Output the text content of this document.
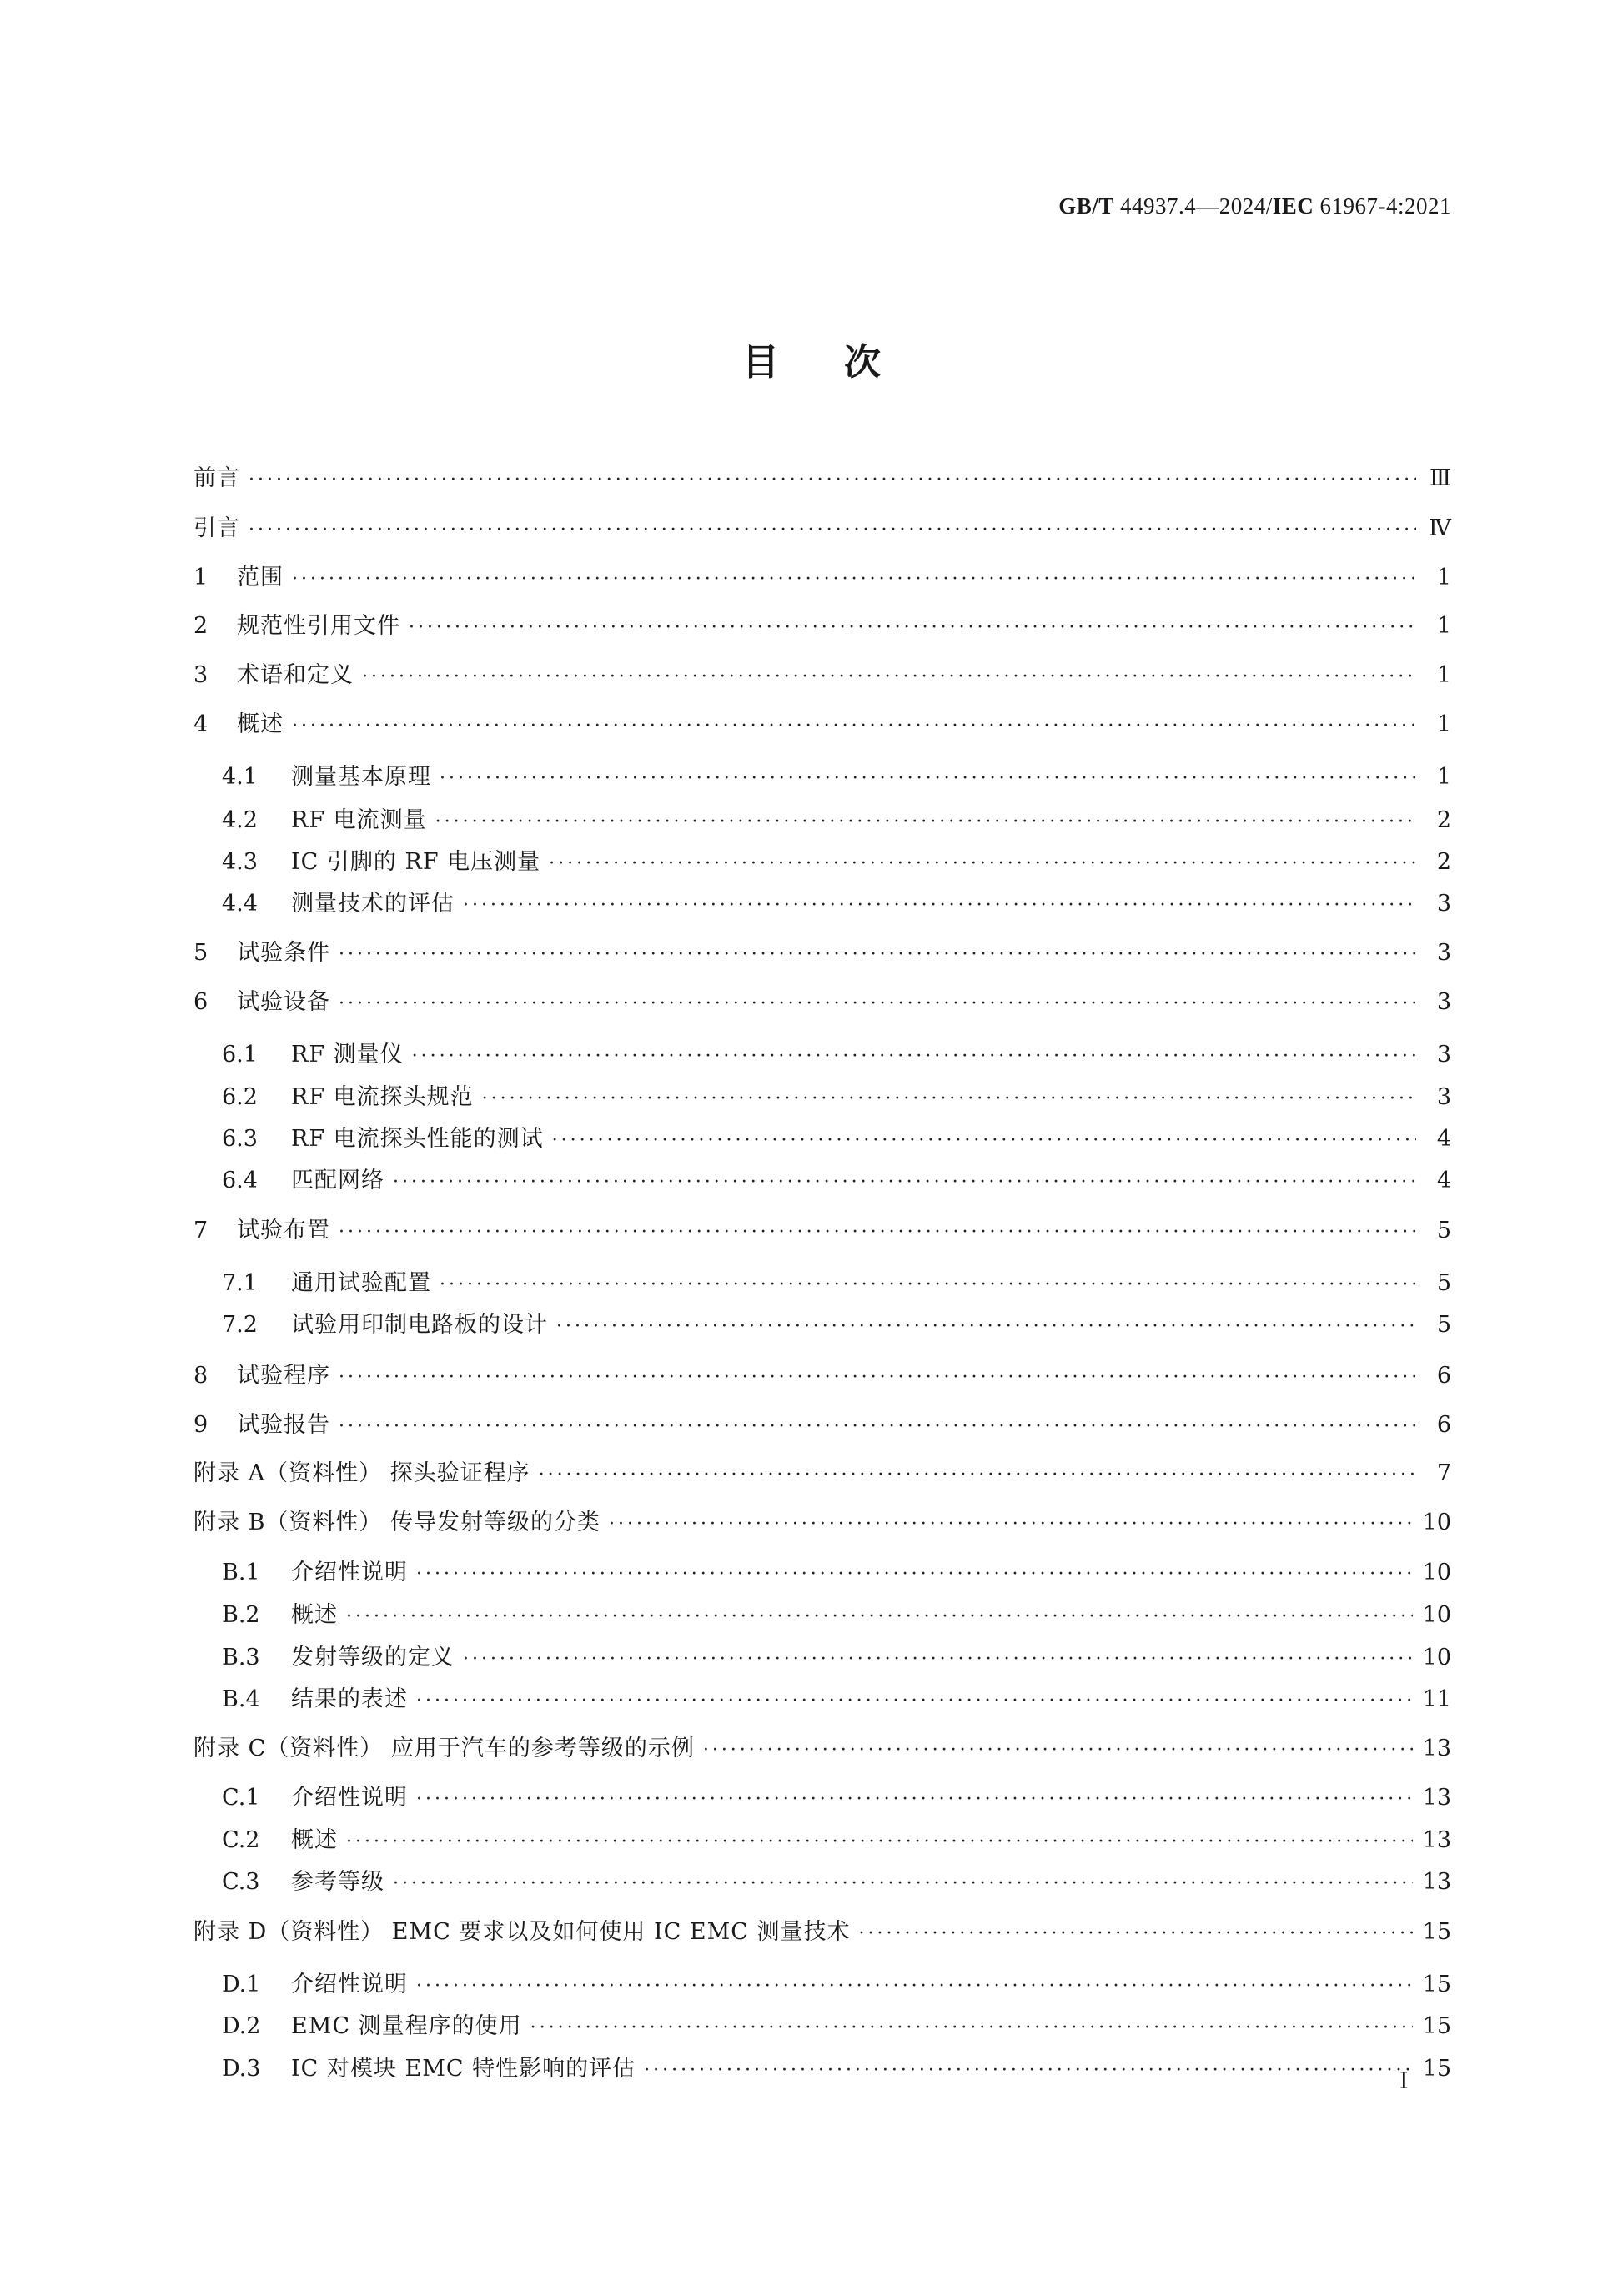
GB/T 44937.4—2024/IEC 61967-4:2021
目次
前言 ·····	Ⅲ
引言 ·····	Ⅳ
1	范围 ·····	1
2	规范性引用文件 ·····	1
3	术语和定义 ·····	1
4	概述 ·····	1
4.1	测量基本原理 ·····	1
4.2	RF 电流测量 ·····	2
4.3	IC 引脚的 RF 电压测量 ·····	2
4.4	测量技术的评估 ·····	3
5	试验条件 ·····	3
6	试验设备 ·····	3
6.1	RF 测量仪 ·····	3
6.2	RF 电流探头规范 ·····	3
6.3	RF 电流探头性能的测试 ·····	4
6.4	匹配网络 ·····	4
7	试验布置 ·····	5
7.1	通用试验配置 ·····	5
7.2	试验用印制电路板的设计 ·····	5
8	试验程序 ·····	6
9	试验报告 ·····	6
附录 A（资料性） 探头验证程序 ·····	7
附录 B（资料性） 传导发射等级的分类 ·····	10
B.1	介绍性说明 ·····	10
B.2	概述 ·····	10
B.3	发射等级的定义 ·····	10
B.4	结果的表述 ·····	11
附录 C（资料性） 应用于汽车的参考等级的示例 ·····	13
C.1	介绍性说明 ·····	13
C.2	概述 ·····	13
C.3	参考等级 ·····	13
附录 D（资料性） EMC 要求以及如何使用 IC EMC 测量技术 ·····	15
D.1	介绍性说明 ·····	15
D.2	EMC 测量程序的使用 ·····	15
D.3	IC 对模块 EMC 特性影响的评估 ·····	15
I
